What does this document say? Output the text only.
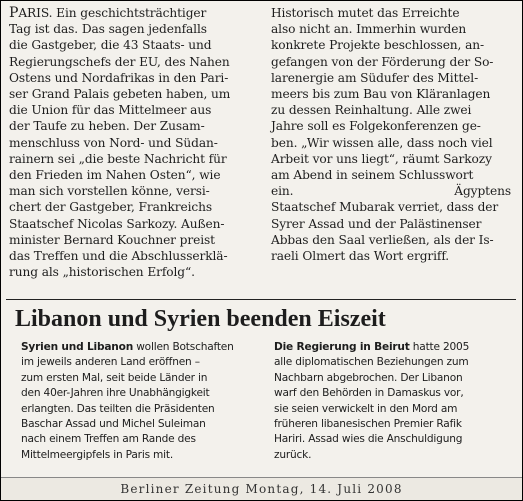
PARIS. Ein geschichtsträchtiger
Tag ist das. Das sagen jedenfalls
die Gastgeber, die 43 Staats- und
Regierungschefs der EU, des Nahen
Ostens und Nordafrikas in den Pari-
ser Grand Palais gebeten haben, um
die Union für das Mittelmeer aus
der Taufe zu heben. Der Zusam-
menschluss von Nord- und Südan-
rainern sei „die beste Nachricht für
den Frieden im Nahen Osten“, wie
man sich vorstellen könne, versi-
chert der Gastgeber, Frankreichs
Staatschef Nicolas Sarkozy. Außen-
minister Bernard Kouchner preist
das Treffen und die Abschlusserklä-
rung als „historischen Erfolg“.
Historisch mutet das Erreichte
also nicht an. Immerhin wurden
konkrete Projekte beschlossen, an-
gefangen von der Förderung der So-
larenergie am Südufer des Mittel-
meers bis zum Bau von Kläranlagen
zu dessen Reinhaltung. Alle zwei
Jahre soll es Folgekonferenzen ge-
ben. „Wir wissen alle, dass noch viel
Arbeit vor uns liegt“, räumt Sarkozy
am Abend in seinem Schlusswort
ein.	Ägyptens
Staatschef Mubarak verriet, dass der
Syrer Assad und der Palästinenser
Abbas den Saal verließen, als der Is-
raeli Olmert das Wort ergriff.
Libanon und Syrien beenden Eiszeit
Syrien und Libanon wollen Botschaften
im jeweils anderen Land eröffnen –
zum ersten Mal, seit beide Länder in
den 40er-Jahren ihre Unabhängigkeit
erlangten. Das teilten die Präsidenten
Baschar Assad und Michel Suleiman
nach einem Treffen am Rande des
Mittelmeergipfels in Paris mit.
Die Regierung in Beirut hatte 2005
alle diplomatischen Beziehungen zum
Nachbarn abgebrochen. Der Libanon
warf den Behörden in Damaskus vor,
sie seien verwickelt in den Mord am
früheren libanesischen Premier Rafik
Hariri. Assad wies die Anschuldigung
zurück.
Berliner Zeitung Montag, 14. Juli 2008
